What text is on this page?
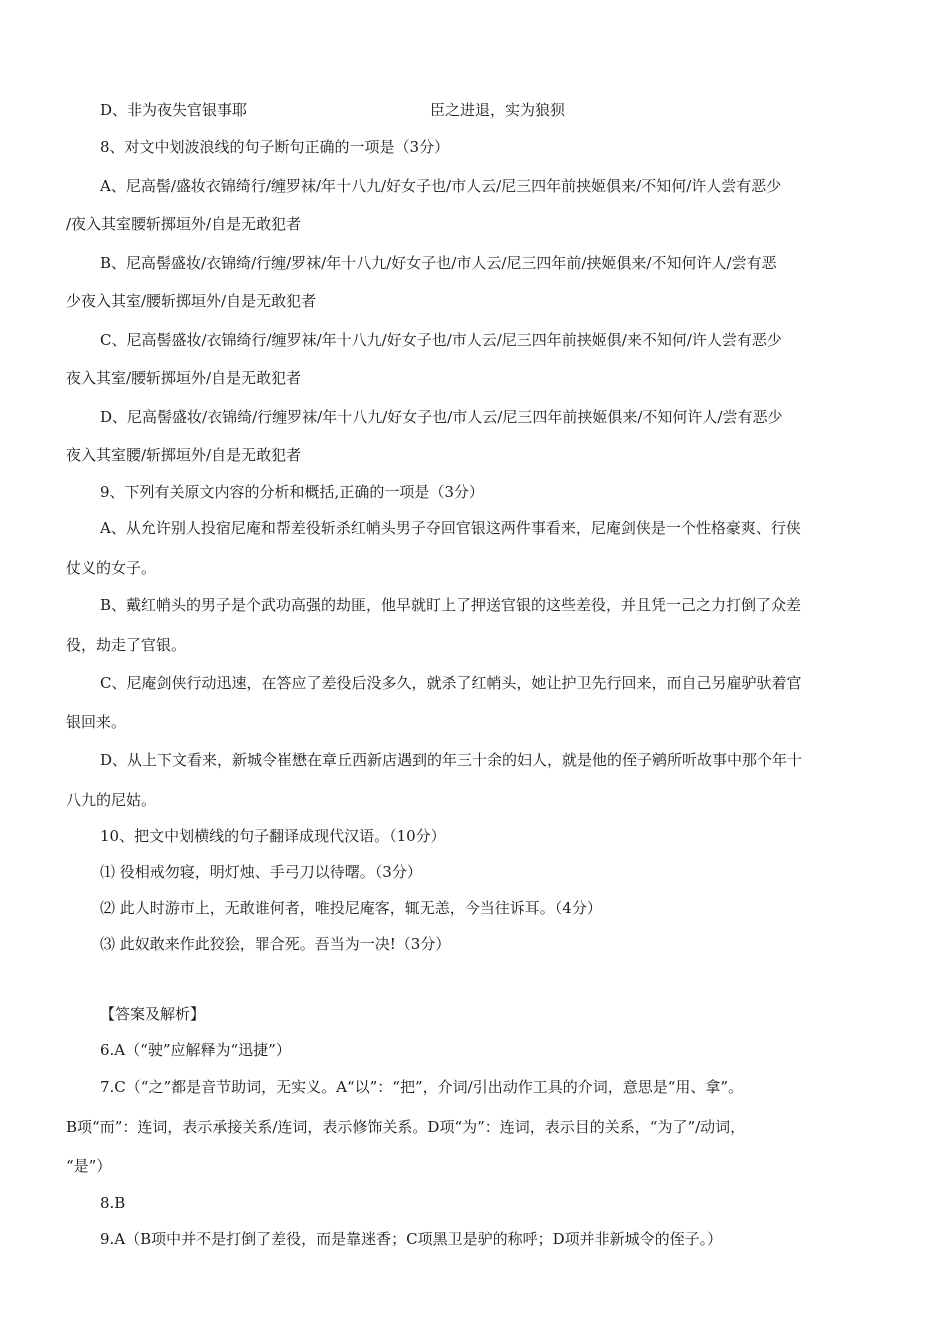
D、非为夜失官银事耶	臣之进退，实为狼狈
8、对文中划波浪线的句子断句正确的一项是（3分）
A、尼高髻/盛妆衣锦绮行/缠罗袜/年十八九/好女子也/市人云/尼三四年前挟姬俱来/不知何/许人尝有恶少
/夜入其室腰斩掷垣外/自是无敢犯者
B、尼高髻盛妆/衣锦绮/行缠/罗袜/年十八九/好女子也/市人云/尼三四年前/挟姬俱来/不知何许人/尝有恶
少夜入其室/腰斩掷垣外/自是无敢犯者
C、尼高髻盛妆/衣锦绮行/缠罗袜/年十八九/好女子也/市人云/尼三四年前挟姬俱/来不知何/许人尝有恶少
夜入其室/腰斩掷垣外/自是无敢犯者
D、尼高髻盛妆/衣锦绮/行缠罗袜/年十八九/好女子也/市人云/尼三四年前挟姬俱来/不知何许人/尝有恶少
夜入其室腰/斩掷垣外/自是无敢犯者
9、下列有关原文内容的分析和概括,正确的一项是（3分）
A、从允许别人投宿尼庵和帮差役斩杀红帩头男子夺回官银这两件事看来，尼庵剑侠是一个性格豪爽、行侠
仗义的女子。
B、戴红帩头的男子是个武功高强的劫匪，他早就盯上了押送官银的这些差役，并且凭一己之力打倒了众差
役，劫走了官银。
C、尼庵剑侠行动迅速，在答应了差役后没多久，就杀了红帩头，她让护卫先行回来，而自己另雇驴驮着官
银回来。
D、从上下文看来，新城令崔懋在章丘西新店遇到的年三十余的妇人，就是他的侄子鹓所听故事中那个年十
八九的尼姑。
10、把文中划横线的句子翻译成现代汉语。（10分）
⑴ 役相戒勿寝，明灯烛、手弓刀以待曙。（3分）
⑵ 此人时游市上，无敢谁何者，唯投尼庵客，辄无恙，今当往诉耳。（4分）
⑶ 此奴敢来作此狡狯，罪合死。吾当为一决!（3分）
【答案及解析】
6.A（“驶”应解释为“迅捷”）
7.C（“之”都是音节助词，无实义。A“以”：“把”，介词/引出动作工具的介词，意思是“用、拿”。
B项“而”：连词，表示承接关系/连词，表示修饰关系。D项“为”：连词，表示目的关系，“为了”/动词，
“是”）
8.B
9.A（B项中并不是打倒了差役，而是靠迷香；C项黑卫是驴的称呼；D项并非新城令的侄子。）
